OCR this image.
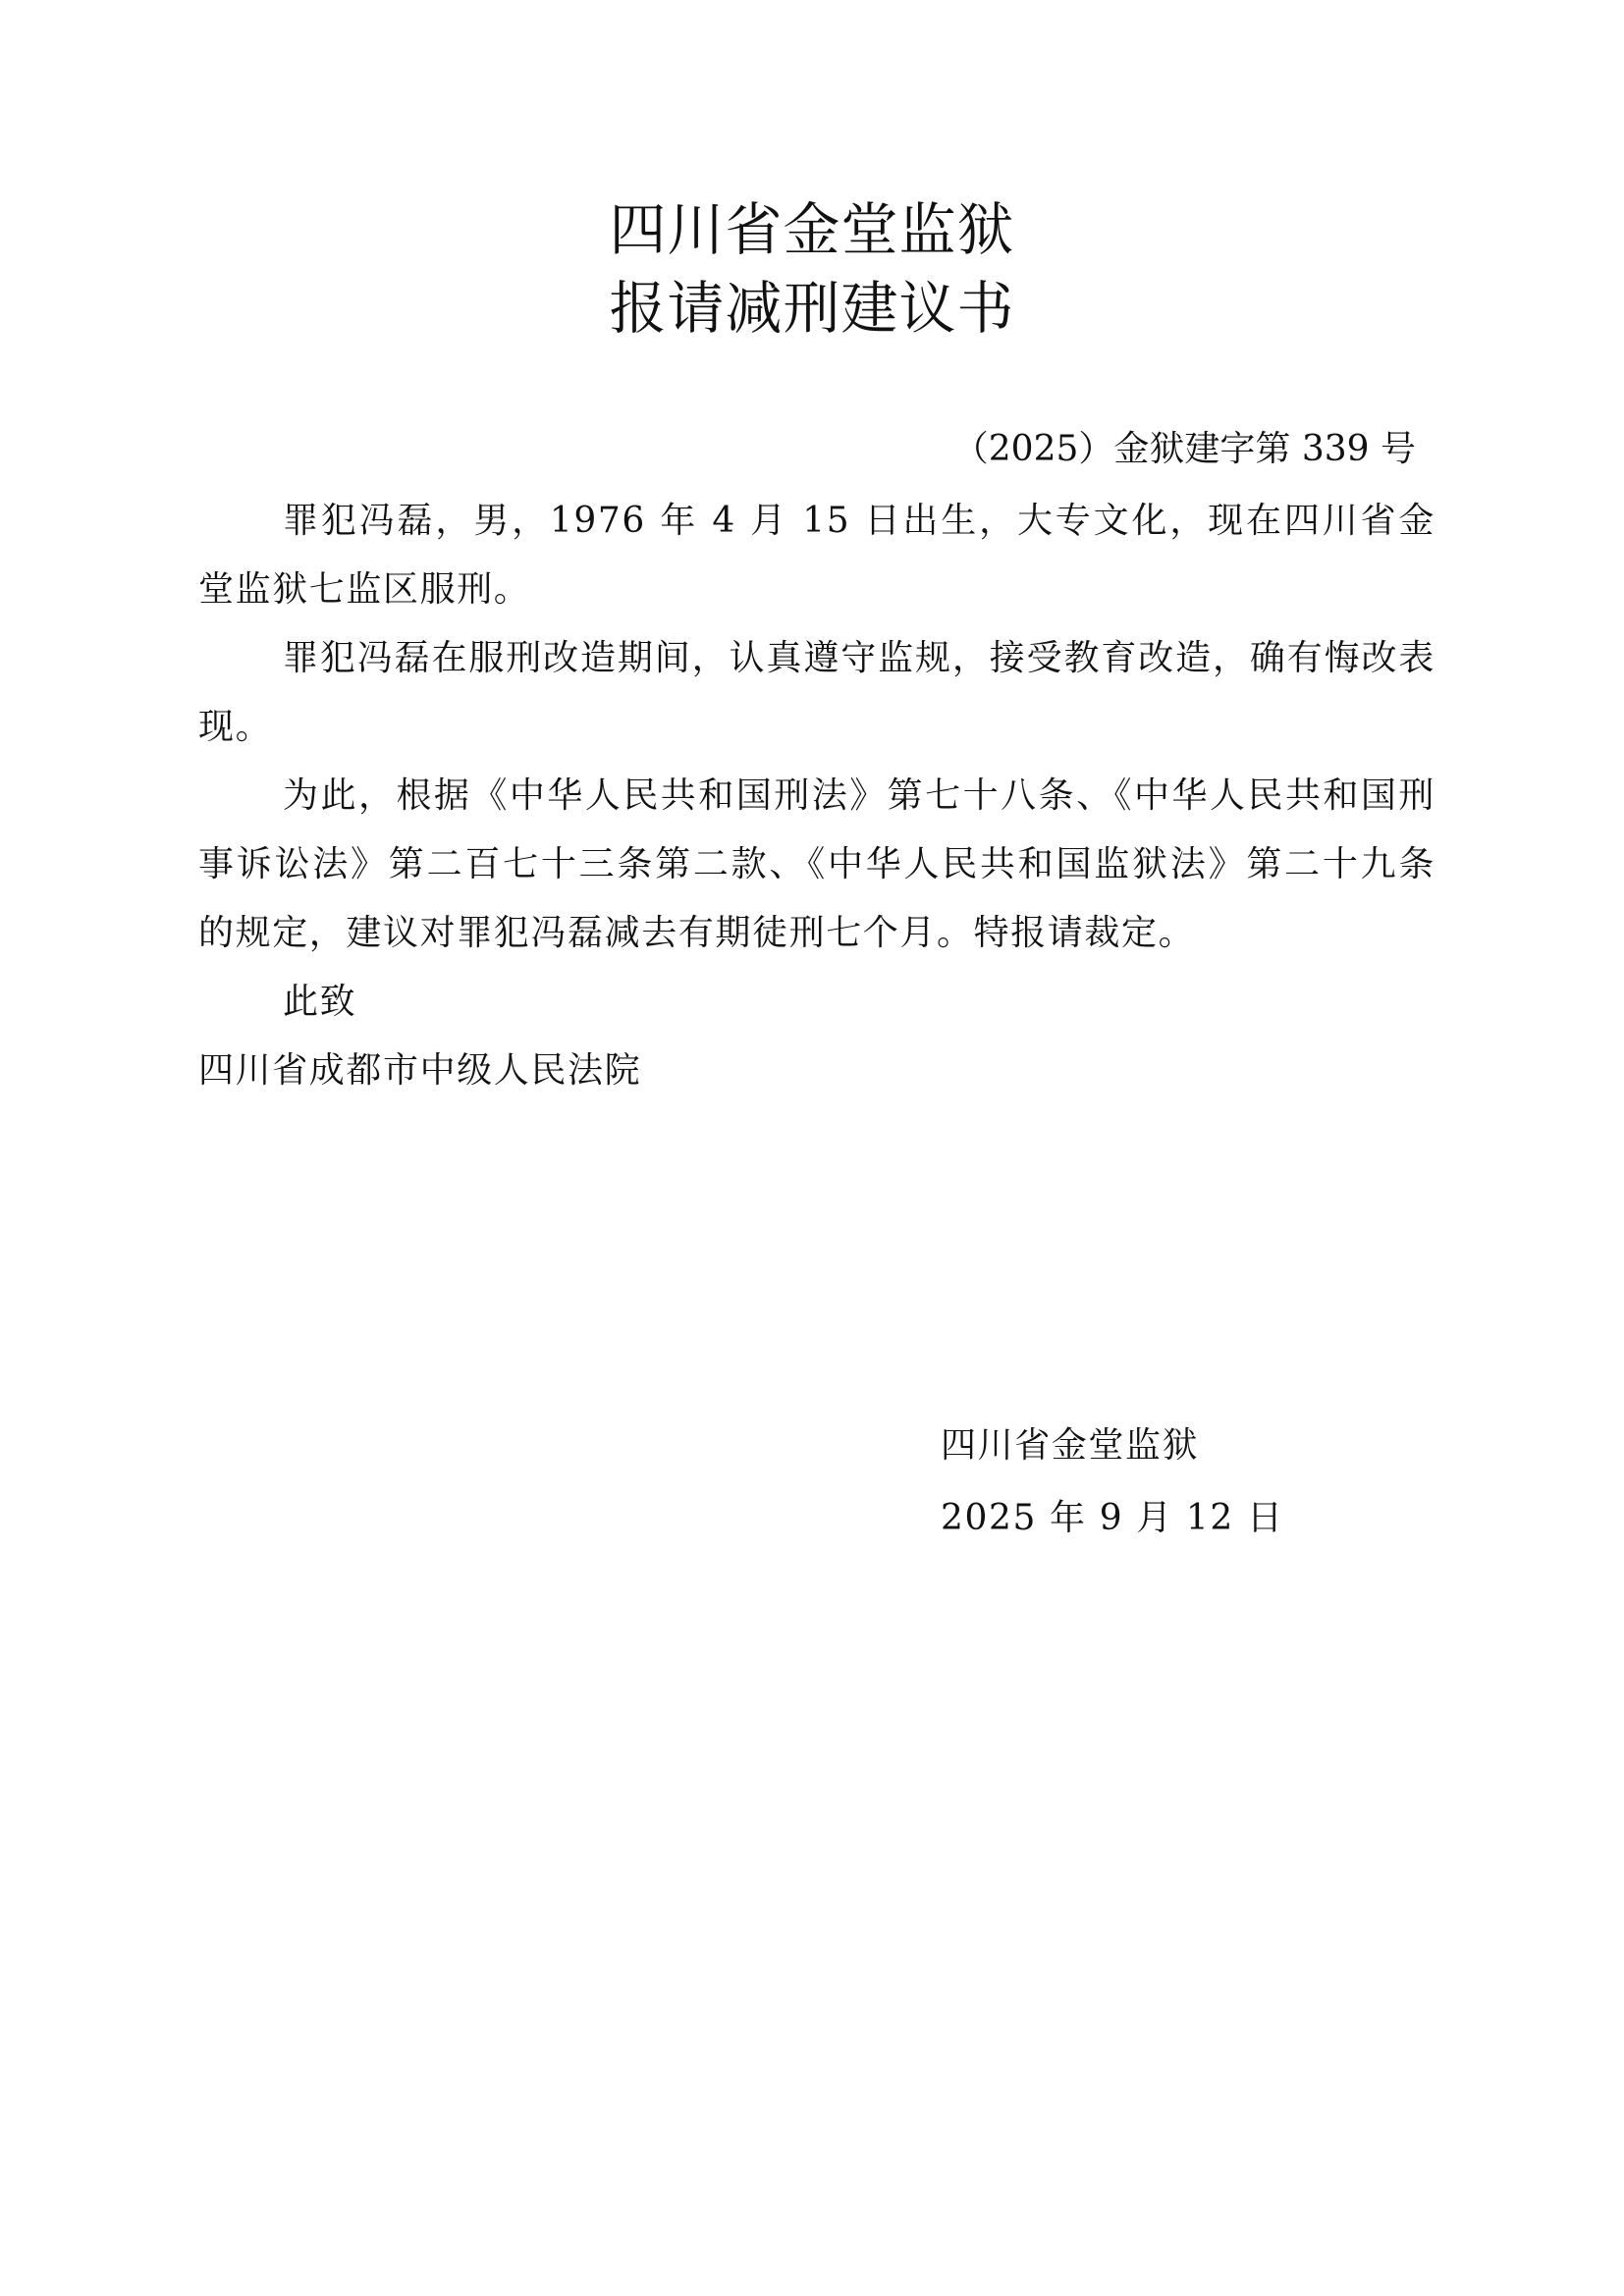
四川省金堂监狱
报请减刑建议书
（2025）金狱建字第 339 号

罪犯冯磊，男，1976 年 4 月 15 日出生，大专文化，现在四川省金堂监狱七监区服刑。

罪犯冯磊在服刑改造期间，认真遵守监规，接受教育改造，确有悔改表现。

为此，根据《中华人民共和国刑法》第七十八条、《中华人民共和国刑事诉讼法》第二百七十三条第二款、《中华人民共和国监狱法》第二十九条的规定，建议对罪犯冯磊减去有期徒刑七个月。特报请裁定。

此致

四川省成都市中级人民法院

四川省金堂监狱
2025 年 9 月 12 日
